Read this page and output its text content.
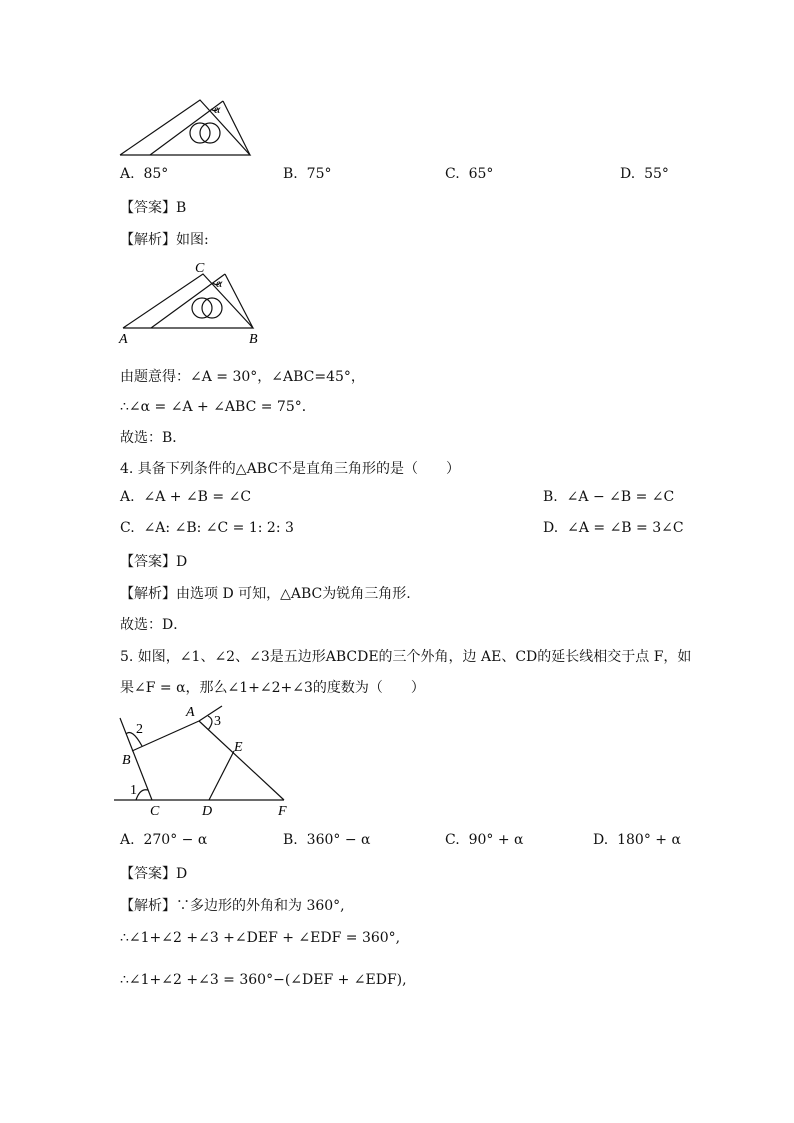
α
A. 85°	B. 75°	C. 65°	D. 55°
【答案】B
【解析】如图:
α
C
A	B
由题意得：∠A = 30°，∠ABC=45°，
∴∠α = ∠A + ∠ABC = 75°．
故选：B．
4. 具备下列条件的△ABC不是直角三角形的是（　　）
A. ∠A + ∠B = ∠C	B. ∠A − ∠B = ∠C
C. ∠A: ∠B: ∠C = 1: 2: 3	D. ∠A = ∠B = 3∠C
【答案】D
【解析】由选项 D 可知，△ABC为锐角三角形.
故选：D．
5. 如图，∠1、∠2、∠3是五边形ABCDE的三个外角，边 AE、CD的延长线相交于点 F，如
果∠F = α，那么∠1+∠2+∠3的度数为（　　）
2
3
1
A
B
C	D
E
F
A. 270° − α	B. 360° − α	C. 90° + α	D. 180° + α
【答案】D
【解析】∵多边形的外角和为 360°,
∴∠1+∠2 +∠3 +∠DEF + ∠EDF = 360°,
∴∠1+∠2 +∠3 = 360°−(∠DEF + ∠EDF),
